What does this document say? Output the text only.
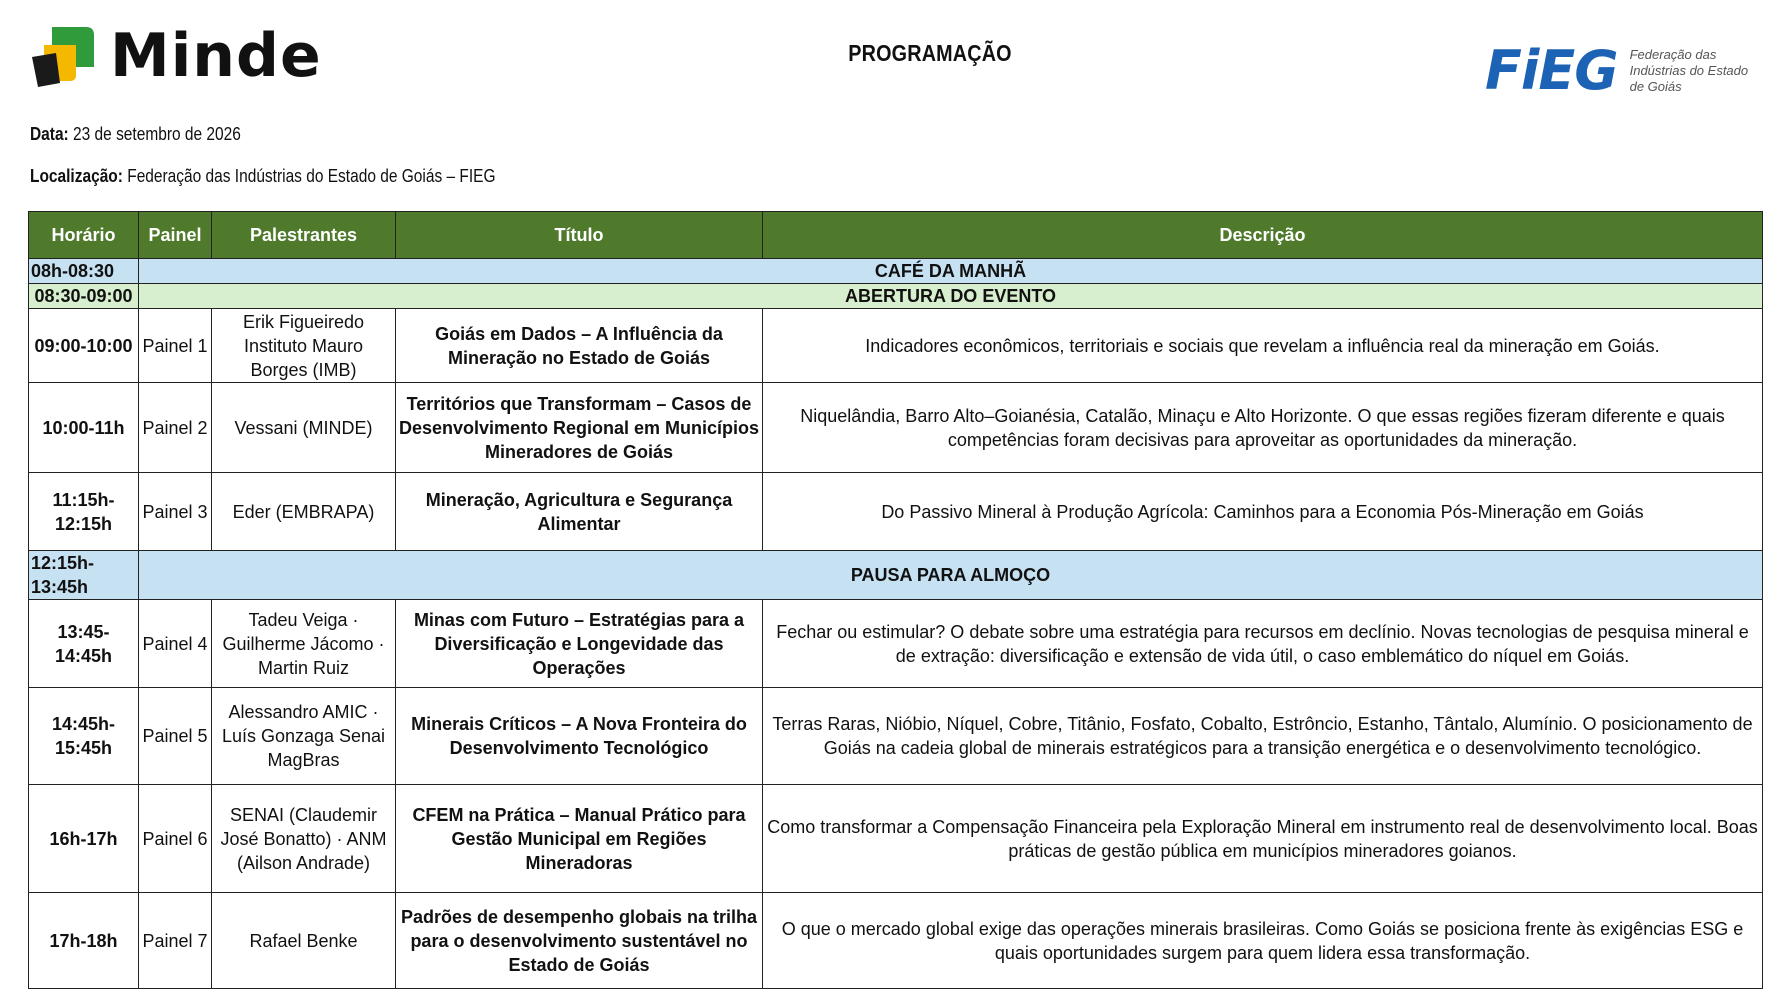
Minde	PROGRAMAÇÃO	FiEG Federação das Indústrias do Estado de Goiás
Data: 23 de setembro de 2026
Localização: Federação das Indústrias do Estado de Goiás – FIEG
Horário	Painel	Palestrantes	Título	Descrição
08h-08:30	CAFÉ DA MANHÃ			
08:30-09:00	ABERTURA DO EVENTO			
09:00-10:00	Painel 1	Erik Figueiredo Instituto Mauro Borges (IMB)	Goiás em Dados – A Influência da Mineração no Estado de Goiás	Indicadores econômicos, territoriais e sociais que revelam a influência real da mineração em Goiás.
10:00-11h	Painel 2	Vessani (MINDE)	Territórios que Transformam – Casos de Desenvolvimento Regional em Municípios Mineradores de Goiás	Niquelândia, Barro Alto–Goianésia, Catalão, Minaçu e Alto Horizonte. O que essas regiões fizeram diferente e quais competências foram decisivas para aproveitar as oportunidades da mineração.
11:15h-12:15h	Painel 3	Eder (EMBRAPA)	Mineração, Agricultura e Segurança Alimentar	Do Passivo Mineral à Produção Agrícola: Caminhos para a Economia Pós-Mineração em Goiás
12:15h-13:45h	PAUSA PARA ALMOÇO			
13:45-14:45h	Painel 4	Tadeu Veiga · Guilherme Jácomo · Martin Ruiz	Minas com Futuro – Estratégias para a Diversificação e Longevidade das Operações	Fechar ou estimular? O debate sobre uma estratégia para recursos em declínio. Novas tecnologias de pesquisa mineral e de extração: diversificação e extensão de vida útil, o caso emblemático do níquel em Goiás.
14:45h-15:45h	Painel 5	Alessandro AMIC · Luís Gonzaga Senai MagBras	Minerais Críticos – A Nova Fronteira do Desenvolvimento Tecnológico	Terras Raras, Nióbio, Níquel, Cobre, Titânio, Fosfato, Cobalto, Estrôncio, Estanho, Tântalo, Alumínio. O posicionamento de Goiás na cadeia global de minerais estratégicos para a transição energética e o desenvolvimento tecnológico.
16h-17h	Painel 6	SENAI (Claudemir José Bonatto) · ANM (Ailson Andrade)	CFEM na Prática – Manual Prático para Gestão Municipal em Regiões Mineradoras	Como transformar a Compensação Financeira pela Exploração Mineral em instrumento real de desenvolvimento local. Boas práticas de gestão pública em municípios mineradores goianos.
17h-18h	Painel 7	Rafael Benke	Padrões de desempenho globais na trilha para o desenvolvimento sustentável no Estado de Goiás	O que o mercado global exige das operações minerais brasileiras. Como Goiás se posiciona frente às exigências ESG e quais oportunidades surgem para quem lidera essa transformação.
